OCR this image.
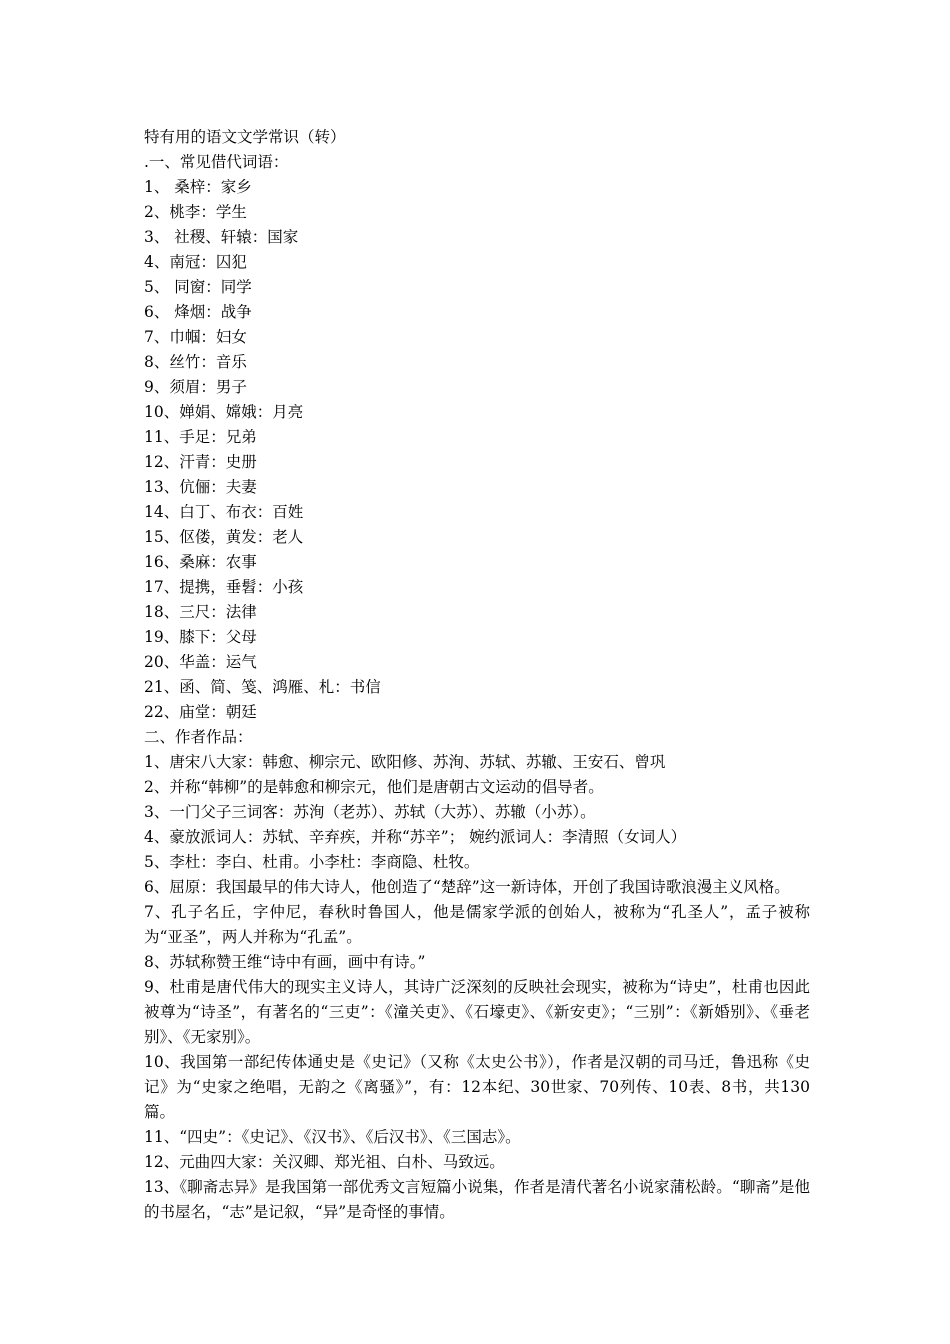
特有用的语文文学常识（转）
.一、常见借代词语：
1、 桑梓：家乡
2、桃李：学生
3、 社稷、轩辕：国家
4、南冠：囚犯
5、 同窗：同学
6、 烽烟：战争
7、巾帼：妇女
8、丝竹：音乐
9、须眉：男子
10、婵娟、嫦娥：月亮
11、手足：兄弟
12、汗青：史册
13、伉俪：夫妻
14、白丁、布衣：百姓
15、伛偻，黄发：老人
16、桑麻：农事
17、提携，垂髫：小孩
18、三尺：法律
19、膝下：父母
20、华盖：运气
21、函、简、笺、鸿雁、札：书信
22、庙堂：朝廷
二、作者作品：
1、唐宋八大家：韩愈、柳宗元、欧阳修、苏洵、苏轼、苏辙、王安石、曾巩
2、并称“韩柳”的是韩愈和柳宗元，他们是唐朝古文运动的倡导者。
3、一门父子三词客：苏洵（老苏）、苏轼（大苏）、苏辙（小苏）。
4、豪放派词人：苏轼、辛弃疾，并称“苏辛”； 婉约派词人：李清照（女词人）
5、李杜：李白、杜甫。小李杜：李商隐、杜牧。
6、屈原：我国最早的伟大诗人，他创造了“楚辞”这一新诗体，开创了我国诗歌浪漫主义风格。
7、孔子名丘，字仲尼，春秋时鲁国人，他是儒家学派的创始人，被称为“孔圣人”，孟子被称为“亚圣”，两人并称为“孔孟”。
8、苏轼称赞王维“诗中有画，画中有诗。”
9、杜甫是唐代伟大的现实主义诗人，其诗广泛深刻的反映社会现实，被称为“诗史”，杜甫也因此被尊为“诗圣”，有著名的“三吏”：《潼关吏》、《石壕吏》、《新安吏》；“三别”：《新婚别》、《垂老别》、《无家别》。
10、我国第一部纪传体通史是《史记》（又称《太史公书》），作者是汉朝的司马迁，鲁迅称《史记》为“史家之绝唱，无韵之《离骚》”，有：12本纪、30世家、70列传、10表、8书，共130篇。
11、“四史”：《史记》、《汉书》、《后汉书》、《三国志》。
12、元曲四大家：关汉卿、郑光祖、白朴、马致远。
13、《聊斋志异》是我国第一部优秀文言短篇小说集，作者是清代著名小说家蒲松龄。“聊斋”是他的书屋名，“志”是记叙，“异”是奇怪的事情。
